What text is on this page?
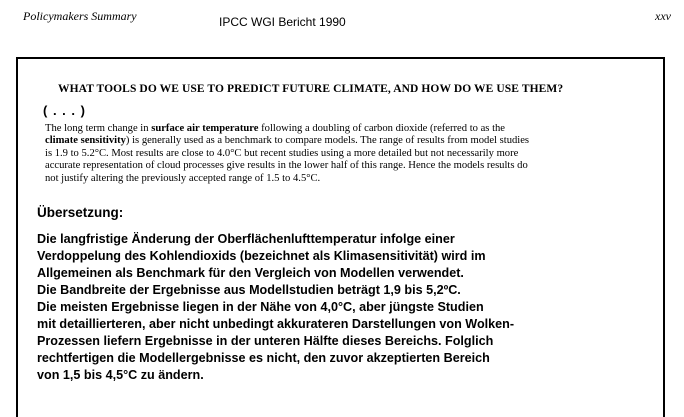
Policymakers Summary	IPCC WGI Bericht 1990	xxv
WHAT TOOLS DO WE USE TO PREDICT FUTURE CLIMATE, AND HOW DO WE USE THEM?
( . . . )

The long term change in surface air temperature following a doubling of carbon dioxide (referred to as the

climate sensitivity) is generally used as a benchmark to compare models. The range of results from model studies

is 1.9 to 5.2°C. Most results are close to 4.0°C but recent studies using a more detailed but not necessarily more

accurate representation of cloud processes give results in the lower half of this range. Hence the models results do

not justify altering the previously accepted range of 1.5 to 4.5°C.

Übersetzung:

Die langfristige Änderung der Oberflächenlufttemperatur infolge einer

Verdoppelung des Kohlendioxids (bezeichnet als Klimasensitivität) wird im

Allgemeinen als Benchmark für den Vergleich von Modellen verwendet.

Die Bandbreite der Ergebnisse aus Modellstudien beträgt 1,9 bis 5,2ºC.

Die meisten Ergebnisse liegen in der Nähe von 4,0°C, aber jüngste Studien

mit detaillierteren, aber nicht unbedingt akkurateren Darstellungen von Wolken-

Prozessen liefern Ergebnisse in der unteren Hälfte dieses Bereichs. Folglich

rechtfertigen die Modellergebnisse es nicht, den zuvor akzeptierten Bereich

von 1,5 bis 4,5°C zu ändern.
